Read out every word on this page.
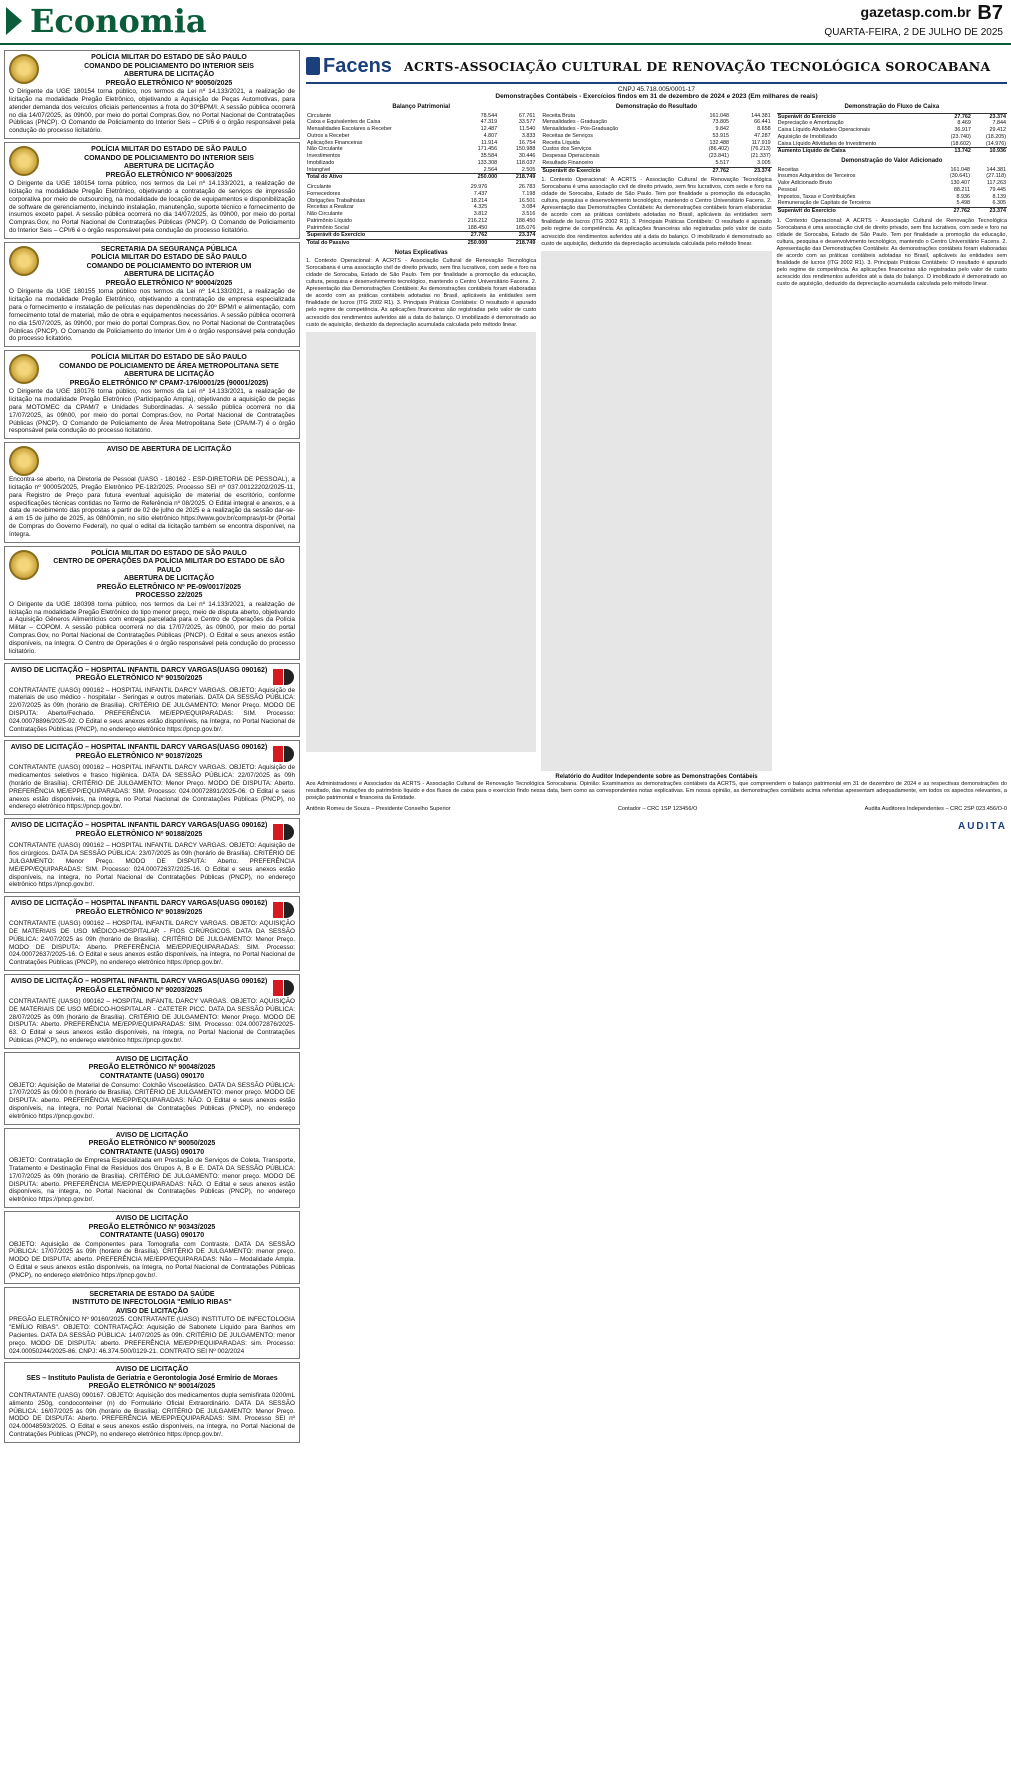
Economia	gazetasp.com.br B7
QUARTA-FEIRA, 2 DE JULHO DE 2025
POLÍCIA MILITAR DO ESTADO DE SÃO PAULO
COMANDO DE POLICIAMENTO DO INTERIOR SEIS
ABERTURA DE LICITAÇÃO
PREGÃO ELETRÔNICO Nº 90050/2025
O Dirigente da UGE 180154 torna público, nos termos da Lei nº 14.133/2021, a realização de licitação na modalidade Pregão Eletrônico, objetivando a Aquisição de Peças Automotivas, para atender demanda dos veículos oficiais pertencentes a frota do 30ºBPM/I. A sessão pública ocorrerá no dia 14/07/2025, às 09h00, por meio do portal Compras.Gov, no Portal Nacional de Contratações Públicas (PNCP). O Comando de Policiamento do Interior Seis – CPI/6 é o órgão responsável pela condução do processo licitatório.
POLÍCIA MILITAR DO ESTADO DE SÃO PAULO
COMANDO DE POLICIAMENTO DO INTERIOR SEIS
ABERTURA DE LICITAÇÃO
PREGÃO ELETRÔNICO Nº 90063/2025
O Dirigente da UGE 180154 torna público, nos termos da Lei nº 14.133/2021, a realização de licitação na modalidade Pregão Eletrônico, objetivando a contratação de serviços de impressão corporativa por meio de outsourcing, na modalidade de locação de equipamentos e disponibilização de software de gerenciamento, incluindo instalação, manutenção, suporte técnico e fornecimento de insumos exceto papel. A sessão pública ocorrerá no dia 14/07/2025, às 09h00, por meio do portal Compras.Gov, no Portal Nacional de Contratações Públicas (PNCP). O Comando de Policiamento do Interior Seis – CPI/6 é o órgão responsável pela condução do processo licitatório.
SECRETARIA DA SEGURANÇA PÚBLICA
POLÍCIA MILITAR DO ESTADO DE SÃO PAULO
COMANDO DE POLICIAMENTO DO INTERIOR UM
ABERTURA DE LICITAÇÃO
PREGÃO ELETRÔNICO Nº 90004/2025
O Dirigente da UGE 180155 torna público nos termos da Lei nº 14.133/2021, a realização de licitação na modalidade Pregão Eletrônico, objetivando a contratação de empresa especializada para o fornecimento e instalação de películas nas dependências do 20º BPM/I e alimentação, com fornecimento total de material, mão de obra e equipamentos necessários. A sessão pública ocorrerá no dia 15/07/2025, às 09h00, por meio do portal Compras.Gov, no Portal Nacional de Contratações Públicas (PNCP). O Comando de Policiamento do Interior Um é o órgão responsável pela condução do processo licitatório.
POLÍCIA MILITAR DO ESTADO DE SÃO PAULO
COMANDO DE POLICIAMENTO DE ÁREA METROPOLITANA SETE
ABERTURA DE LICITAÇÃO
PREGÃO ELETRÔNICO Nº CPAM7-176/0001/25 (90001/2025)
O Dirigente da UGE 180176 torna público, nos termos da Lei nº 14.133/2021, a realização de licitação na modalidade Pregão Eletrônico (Participação Ampla), objetivando a aquisição de peças para MOTOMEC da CPAM/7 e Unidades Subordinadas. A sessão pública ocorrerá no dia 17/07/2025, às 09h00, por meio do portal Compras.Gov, no Portal Nacional de Contratações Públicas (PNCP). O Comando de Policiamento de Área Metropolitana Sete (CPA/M-7) é o órgão responsável pela condução do processo licitatório.
AVISO DE ABERTURA DE LICITAÇÃO
Encontra-se aberto, na Diretoria de Pessoal (UASG - 180162 - ESP-DIRETORIA DE PESSOAL), a licitação nº 90005/2025, Pregão Eletrônico PE-182/2025. Processo SEI nº 037.00122202/2025-11, para Registro de Preço para futura eventual aquisição de material de escritório, conforme especificações técnicas contidas no Termo de Referência nº 08/2025. O Edital integral e anexos, e a data de recebimento das propostas a partir de 02 de julho de 2025 e a realização da sessão dar-se-á em 15 de julho de 2025, às 08h00min, no sítio eletrônico https://www.gov.br/compras/pt-br (Portal de Compras do Governo Federal), no qual o edital da licitação também se encontra disponível, na íntegra.
POLÍCIA MILITAR DO ESTADO DE SÃO PAULO
CENTRO DE OPERAÇÕES DA POLÍCIA MILITAR DO ESTADO DE SÃO PAULO
ABERTURA DE LICITAÇÃO
PREGÃO ELETRÔNICO Nº PE-09/0017/2025
PROCESSO 22/2025
O Dirigente da UGE 180398 torna público, nos termos da Lei nº 14.133/2021, a realização de licitação na modalidade Pregão Eletrônico do tipo menor preço, meio de disputa aberto, objetivando a Aquisição Gêneros Alimentícios com entrega parcelada para o Centro de Operações da Polícia Militar – COPOM. A sessão pública ocorrerá no dia 17/07/2025, às 09h00, por meio do portal Compras.Gov, no Portal Nacional de Contratações Públicas (PNCP). O Edital e seus anexos estão disponíveis, na íntegra. O Centro de Operações é o órgão responsável pela condução do processo licitatório.
AVISO DE LICITAÇÃO – HOSPITAL INFANTIL DARCY VARGAS(UASG 090162)
PREGÃO ELETRÔNICO Nº 90150/2025
CONTRATANTE (UASG) 090162 – HOSPITAL INFANTIL DARCY VARGAS. OBJETO: Aquisição de materiais de uso médico - hospitalar - Seringas e outros materiais. DATA DA SESSÃO PÚBLICA: 22/07/2025 às 09h (horário de Brasília). CRITÉRIO DE JULGAMENTO: Menor Preço. MODO DE DISPUTA: Aberto/Fechado. PREFERÊNCIA ME/EPP/EQUIPARADAS: SIM. Processo: 024.00078896/2025-92. O Edital e seus anexos estão disponíveis, na íntegra, no Portal Nacional de Contratações Públicas (PNCP), no endereço eletrônico https://pncp.gov.br/.
AVISO DE LICITAÇÃO – HOSPITAL INFANTIL DARCY VARGAS(UASG 090162)
PREGÃO ELETRÔNICO Nº 90187/2025
CONTRATANTE (UASG) 090162 – HOSPITAL INFANTIL DARCY VARGAS. OBJETO: Aquisição de medicamentos seletivos e frasco higiênica. DATA DA SESSÃO PÚBLICA: 22/07/2025 às 09h (horário de Brasília). CRITÉRIO DE JULGAMENTO: Menor Preço. MODO DE DISPUTA: Aberto. PREFERÊNCIA ME/EPP/EQUIPARADAS: SIM. Processo: 024.00072891/2025-06. O Edital e seus anexos estão disponíveis, na íntegra, no Portal Nacional de Contratações Públicas (PNCP), no endereço eletrônico https://pncp.gov.br/.
AVISO DE LICITAÇÃO – HOSPITAL INFANTIL DARCY VARGAS(UASG 090162)
PREGÃO ELETRÔNICO Nº 90188/2025
CONTRATANTE (UASG) 090162 – HOSPITAL INFANTIL DARCY VARGAS. OBJETO: Aquisição de fios cirúrgicos. DATA DA SESSÃO PÚBLICA: 23/07/2025 às 09h (horário de Brasília). CRITÉRIO DE JULGAMENTO: Menor Preço. MODO DE DISPUTA: Aberto. PREFERÊNCIA ME/EPP/EQUIPARADAS: SIM. Processo: 024.00072637/2025-16. O Edital e seus anexos estão disponíveis, na íntegra, no Portal Nacional de Contratações Públicas (PNCP), no endereço eletrônico https://pncp.gov.br/.
AVISO DE LICITAÇÃO – HOSPITAL INFANTIL DARCY VARGAS(UASG 090162)
PREGÃO ELETRÔNICO Nº 90189/2025
CONTRATANTE (UASG) 090162 – HOSPITAL INFANTIL DARCY VARGAS. OBJETO: AQUISIÇÃO DE MATERIAIS DE USO MÉDICO-HOSPITALAR - FIOS CIRÚRGICOS. DATA DA SESSÃO PÚBLICA: 24/07/2025 às 09h (horário de Brasília). CRITÉRIO DE JULGAMENTO: Menor Preço. MODO DE DISPUTA: Aberto. PREFERÊNCIA ME/EPP/EQUIPARADAS: SIM. Processo: 024.00072637/2025-16. O Edital e seus anexos estão disponíveis, na íntegra, no Portal Nacional de Contratações Públicas (PNCP), no endereço eletrônico https://pncp.gov.br/.
AVISO DE LICITAÇÃO – HOSPITAL INFANTIL DARCY VARGAS(UASG 090162)
PREGÃO ELETRÔNICO Nº 90203/2025
CONTRATANTE (UASG) 090162 – HOSPITAL INFANTIL DARCY VARGAS. OBJETO: AQUISIÇÃO DE MATERIAIS DE USO MÉDICO-HOSPITALAR - CATETER PICC. DATA DA SESSÃO PÚBLICA: 28/07/2025 às 09h (horário de Brasília). CRITÉRIO DE JULGAMENTO: Menor Preço. MODO DE DISPUTA: Aberto. PREFERÊNCIA ME/EPP/EQUIPARADAS: SIM. Processo: 024.00072876/2025-63. O Edital e seus anexos estão disponíveis, na íntegra, no Portal Nacional de Contratações Públicas (PNCP), no endereço eletrônico https://pncp.gov.br/.
AVISO DE LICITAÇÃO
PREGÃO ELETRÔNICO Nº 90048/2025
CONTRATANTE (UASG) 090170
OBJETO: Aquisição de Material de Consumo: Colchão Viscoelástico. DATA DA SESSÃO PÚBLICA: 17/07/2025 às 09:00 h (horário de Brasília). CRITÉRIO DE JULGAMENTO: menor preço. MODO DE DISPUTA: aberto. PREFERÊNCIA ME/EPP/EQUIPARADAS: NÃO. O Edital e seus anexos estão disponíveis, na íntegra, no Portal Nacional de Contratações Públicas (PNCP), no endereço eletrônico https://pncp.gov.br/.
AVISO DE LICITAÇÃO
PREGÃO ELETRÔNICO Nº 90050/2025
CONTRATANTE (UASG) 090170
OBJETO: Contratação de Empresa Especializada em Prestação de Serviços de Coleta, Transporte, Tratamento e Destinação Final de Resíduos dos Grupos A, B e E. DATA DA SESSÃO PÚBLICA: 17/07/2025 às 09h (horário de Brasília). CRITÉRIO DE JULGAMENTO: menor preço. MODO DE DISPUTA: aberto. PREFERÊNCIA ME/EPP/EQUIPARADAS: NÃO. O Edital e seus anexos estão disponíveis, na íntegra, no Portal Nacional de Contratações Públicas (PNCP), no endereço eletrônico https://pncp.gov.br/.
AVISO DE LICITAÇÃO
PREGÃO ELETRÔNICO Nº 90343/2025
CONTRATANTE (UASG) 090170
OBJETO: Aquisição de Componentes para Tomografia com Contraste. DATA DA SESSÃO PÚBLICA: 17/07/2025 às 09h (horário de Brasília). CRITÉRIO DE JULGAMENTO: menor preço. MODO DE DISPUTA: aberto. PREFERÊNCIA ME/EPP/EQUIPARADAS: Não – Modalidade Ampla. O Edital e seus anexos estão disponíveis, na íntegra, no Portal Nacional de Contratações Públicas (PNCP), no endereço eletrônico https://pncp.gov.br/.
SECRETARIA DE ESTADO DA SAÚDE
INSTITUTO DE INFECTOLOGIA "EMÍLIO RIBAS"
AVISO DE LICITAÇÃO
PREGÃO ELETRÔNICO Nº 90160/2025. CONTRATANTE (UASG) INSTITUTO DE INFECTOLOGIA "EMÍLIO RIBAS". OBJETO: CONTRATAÇÃO: Aquisição de Sabonete Líquido para Banhos em Pacientes. DATA DA SESSÃO PÚBLICA: 14/07/2025 às 09h. CRITÉRIO DE JULGAMENTO: menor preço. MODO DE DISPUTA: aberto. PREFERÊNCIA ME/EPP/EQUIPARADAS: sim. Processo: 024.00050244/2025-86. CNPJ: 46.374.500/0129-21. CONTRATO SEI Nº 002/2024
AVISO DE LICITAÇÃO
SES – Instituto Paulista de Geriatria e Gerontologia José Ermírio de Moraes
PREGÃO ELETRÔNICO Nº 90014/2025
CONTRATANTE (UASG) 090167. OBJETO: Aquisição dos medicamentos dupla semisfirata 0200mL alimento 250g, condoconteiner (n) do Formulário Oficial Extraordinário. DATA DA SESSÃO PÚBLICA: 16/07/2025 às 09h (horário de Brasília). CRITÉRIO DE JULGAMENTO: Menor Preço. MODO DE DISPUTA: Aberto. PREFERÊNCIA ME/EPP/EQUIPARADAS: SIM. Processo SEI nº 024.00048593/2025. O Edital e seus anexos estão disponíveis, na íntegra, no Portal Nacional de Contratações Públicas (PNCP), no endereço eletrônico https://pncp.gov.br/.
Facens ACRTS-ASSOCIAÇÃO CULTURAL DE RENOVAÇÃO TECNOLÓGICA SOROCABANA
CNPJ 45.718.005/0001-17
Demonstrações Contábeis - Exercícios findos em 31 de dezembro de 2024 e 2023 (Em milhares de reais)
Balanço Patrimonial
Circulante	78.544	67.761
Caixa e Equivalentes de Caixa	47.319	33.577
Mensalidades Escolares a Receber	12.487	11.540
Outros a Receber	4.807	3.833
Aplicações Financeiras	11.914	16.754
Não Circulante	171.456	150.988
Investimentos	35.584	30.446
Imobilizado	133.308	118.037
Intangível	2.564	2.505
Total do Ativo	250.000	218.749
Circulante	29.976	26.783
Fornecedores	7.437	7.198
Obrigações Trabalhistas	18.214	16.501
Receitas a Realizar	4.325	3.084
Não Circulante	3.812	3.516
Patrimônio Líquido	216.212	188.450
Patrimônio Social	188.450	165.076
Superávit do Exercício	27.762	23.374
Total do Passivo	250.000	218.749
Notas Explicativas
1. Contexto Operacional: A ACRTS - Associação Cultural de Renovação Tecnológica Sorocabana é uma associação civil de direito privado, sem fins lucrativos, com sede e foro na cidade de Sorocaba, Estado de São Paulo. Tem por finalidade a promoção da educação, cultura, pesquisa e desenvolvimento tecnológico, mantendo o Centro Universitário Facens. 2. Apresentação das Demonstrações Contábeis: As demonstrações contábeis foram elaboradas de acordo com as práticas contábeis adotadas no Brasil, aplicáveis às entidades sem finalidade de lucros (ITG 2002 R1). 3. Principais Práticas Contábeis: O resultado é apurado pelo regime de competência. As aplicações financeiras são registradas pelo valor de custo acrescido dos rendimentos auferidos até a data do balanço. O imobilizado é demonstrado ao custo de aquisição, deduzido da depreciação acumulada calculada pelo método linear.
Demonstração do Resultado
Receita Bruta	161.048	144.381
Mensalidades - Graduação	73.805	66.441
Mensalidades - Pós-Graduação	9.842	8.658
Receitas de Serviços	53.915	47.287
Receita Líquida	132.488	117.919
Custos dos Serviços	(86.402)	(76.213)
Despesas Operacionais	(23.841)	(21.337)
Resultado Financeiro	5.517	3.005
Superávit do Exercício	27.762	23.374
1. Contexto Operacional: A ACRTS - Associação Cultural de Renovação Tecnológica Sorocabana é uma associação civil de direito privado, sem fins lucrativos, com sede e foro na cidade de Sorocaba, Estado de São Paulo. Tem por finalidade a promoção da educação, cultura, pesquisa e desenvolvimento tecnológico, mantendo o Centro Universitário Facens. 2. Apresentação das Demonstrações Contábeis: As demonstrações contábeis foram elaboradas de acordo com as práticas contábeis adotadas no Brasil, aplicáveis às entidades sem finalidade de lucros (ITG 2002 R1). 3. Principais Práticas Contábeis: O resultado é apurado pelo regime de competência. As aplicações financeiras são registradas pelo valor de custo acrescido dos rendimentos auferidos até a data do balanço. O imobilizado é demonstrado ao custo de aquisição, deduzido da depreciação acumulada calculada pelo método linear.
Demonstração do Fluxo de Caixa
Superávit do Exercício	27.762	23.374
Depreciação e Amortização	8.469	7.844
Caixa Líquido Atividades Operacionais	36.917	29.412
Aquisição de Imobilizado	(23.740)	(18.205)
Caixa Líquido Atividades de Investimento	(18.602)	(14.976)
Aumento Líquido de Caixa	13.742	10.936
Demonstração do Valor Adicionado
Receitas	161.048	144.381
Insumos Adquiridos de Terceiros	(30.641)	(27.118)
Valor Adicionado Bruto	130.407	117.263
Pessoal	88.211	79.445
Impostos, Taxas e Contribuições	8.936	8.139
Remuneração de Capitais de Terceiros	5.498	6.305
Superávit do Exercício	27.762	23.374
1. Contexto Operacional: A ACRTS - Associação Cultural de Renovação Tecnológica Sorocabana é uma associação civil de direito privado, sem fins lucrativos, com sede e foro na cidade de Sorocaba, Estado de São Paulo. Tem por finalidade a promoção da educação, cultura, pesquisa e desenvolvimento tecnológico, mantendo o Centro Universitário Facens. 2. Apresentação das Demonstrações Contábeis: As demonstrações contábeis foram elaboradas de acordo com as práticas contábeis adotadas no Brasil, aplicáveis às entidades sem finalidade de lucros (ITG 2002 R1). 3. Principais Práticas Contábeis: O resultado é apurado pelo regime de competência. As aplicações financeiras são registradas pelo valor de custo acrescido dos rendimentos auferidos até a data do balanço. O imobilizado é demonstrado ao custo de aquisição, deduzido da depreciação acumulada calculada pelo método linear.
Relatório do Auditor Independente sobre as Demonstrações Contábeis
Aos Administradores e Associados da ACRTS - Associação Cultural de Renovação Tecnológica Sorocabana. Opinião: Examinamos as demonstrações contábeis da ACRTS, que compreendem o balanço patrimonial em 31 de dezembro de 2024 e as respectivas demonstrações do resultado, das mutações do patrimônio líquido e dos fluxos de caixa para o exercício findo nessa data, bem como as correspondentes notas explicativas. Em nossa opinião, as demonstrações contábeis acima referidas apresentam adequadamente, em todos os aspectos relevantes, a posição patrimonial e financeira da Entidade.
Antônio Romeu de Souza – Presidente Conselho Superior	Contador – CRC 1SP 123456/O	Audita Auditores Independentes – CRC 2SP 023.456/O-0
AUDITA
